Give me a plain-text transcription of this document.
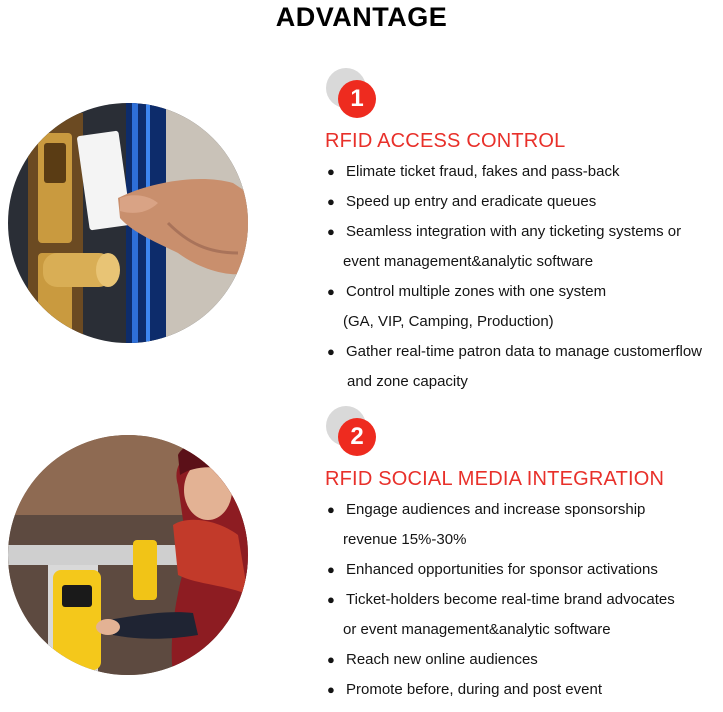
ADVANTAGE
1
RFID ACCESS CONTROL
● Elimate ticket fraud, fakes and pass-back
● Speed up entry and eradicate queues
● Seamless integration with any ticketing systems or
event management&analytic software
● Control multiple zones with one system
(GA, VIP, Camping, Production)
● Gather real-time patron data to manage customerflow
and zone capacity
2
RFID SOCIAL MEDIA INTEGRATION
● Engage audiences and increase sponsorship
revenue 15%-30%
● Enhanced opportunities for sponsor activations
● Ticket-holders become real-time brand advocates
or event management&analytic software
● Reach new online audiences
● Promote before, during and post event
